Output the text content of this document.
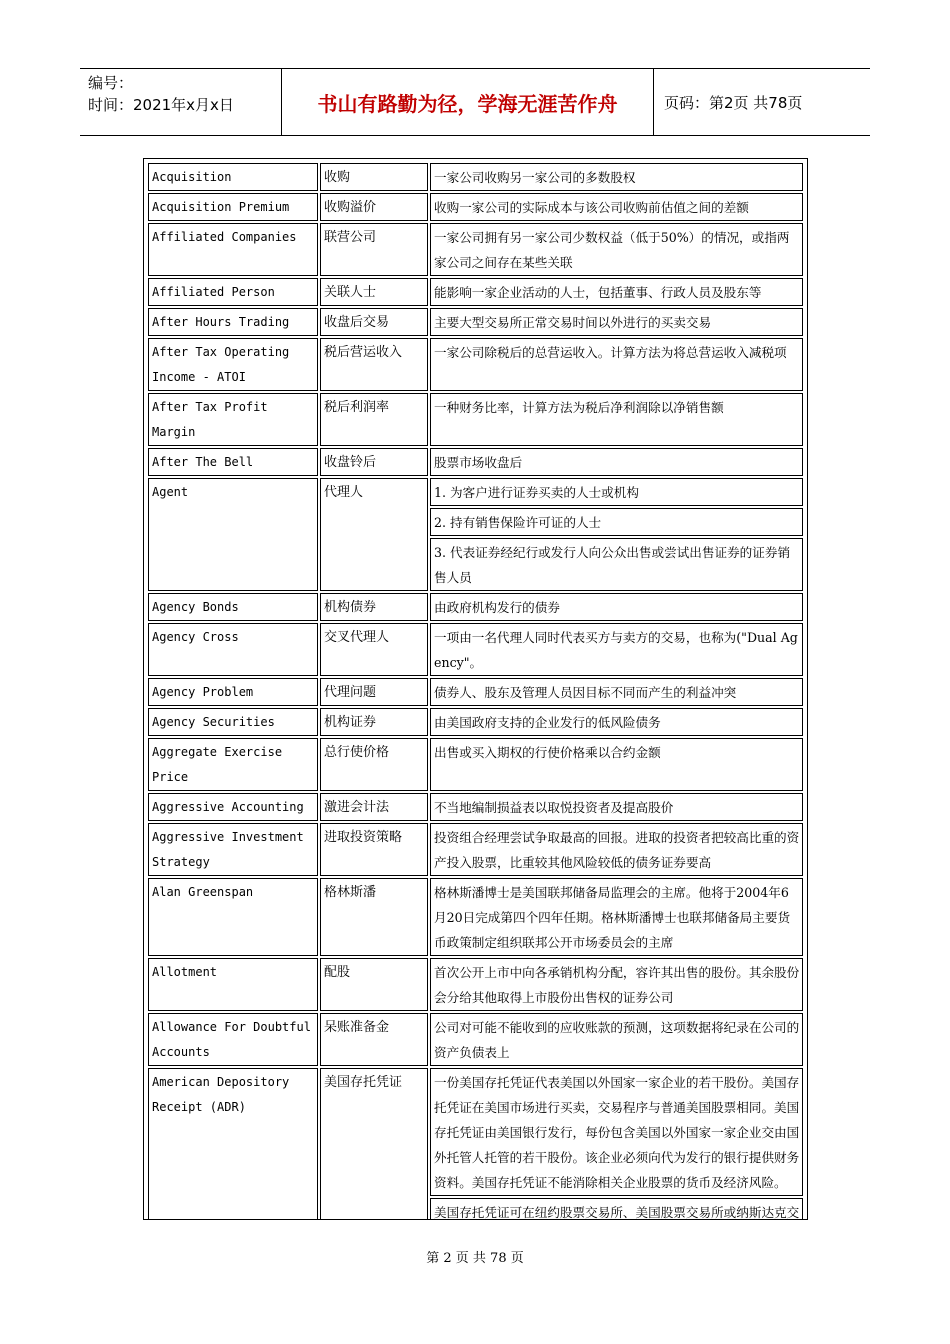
编号：
时间：2021年x月x日	书山有路勤为径，学海无涯苦作舟	页码：第2页 共78页
Acquisition	收购	一家公司收购另一家公司的多数股权
Acquisition Premium	收购溢价	收购一家公司的实际成本与该公司收购前估值之间的差额
Affiliated Companies	联营公司	一家公司拥有另一家公司少数权益（低于50%）的情况，或指两家公司之间存在某些关联
Affiliated Person	关联人士	能影响一家企业活动的人士，包括董事、行政人员及股东等
After Hours Trading	收盘后交易	主要大型交易所正常交易时间以外进行的买卖交易
After Tax Operating Income - ATOI	税后营运收入	一家公司除税后的总营运收入。计算方法为将总营运收入减税项
After Tax Profit Margin	税后利润率	一种财务比率，计算方法为税后净利润除以净销售额
After The Bell	收盘铃后	股票市场收盘后
Agent	代理人	1. 为客户进行证券买卖的人士或机构
		2. 持有销售保险许可证的人士
		3. 代表证券经纪行或发行人向公众出售或尝试出售证券的证券销售人员
Agency Bonds	机构债券	由政府机构发行的债券
Agency Cross	交叉代理人	一项由一名代理人同时代表买方与卖方的交易，也称为("Dual Agency"。
Agency Problem	代理问题	债券人、股东及管理人员因目标不同而产生的利益冲突
Agency Securities	机构证券	由美国政府支持的企业发行的低风险债务
Aggregate Exercise Price	总行使价格	出售或买入期权的行使价格乘以合约金额
Aggressive Accounting	激进会计法	不当地编制损益表以取悦投资者及提高股价
Aggressive Investment Strategy	进取投资策略	投资组合经理尝试争取最高的回报。进取的投资者把较高比重的资产投入股票，比重较其他风险较低的债务证券要高
Alan Greenspan	格林斯潘	格林斯潘博士是美国联邦储备局监理会的主席。他将于2004年6月20日完成第四个四年任期。格林斯潘博士也联邦储备局主要货币政策制定组织联邦公开市场委员会的主席
Allotment	配股	首次公开上市中向各承销机构分配，容许其出售的股份。其余股份会分给其他取得上市股份出售权的证券公司
Allowance For Doubtful Accounts	呆账准备金	公司对可能不能收到的应收账款的预测，这项数据将纪录在公司的资产负债表上
American Depository Receipt (ADR)	美国存托凭证	一份美国存托凭证代表美国以外国家一家企业的若干股份。美国存托凭证在美国市场进行买卖，交易程序与普通美国股票相同。美国存托凭证由美国银行发行，每份包含美国以外国家一家企业交由国外托管人托管的若干股份。该企业必须向代为发行的银行提供财务资料。美国存托凭证不能消除相关企业股票的货币及经济风险。
		美国存托凭证可在纽约股票交易所、美国股票交易所或纳斯达克交

第 2 页 共 78 页
